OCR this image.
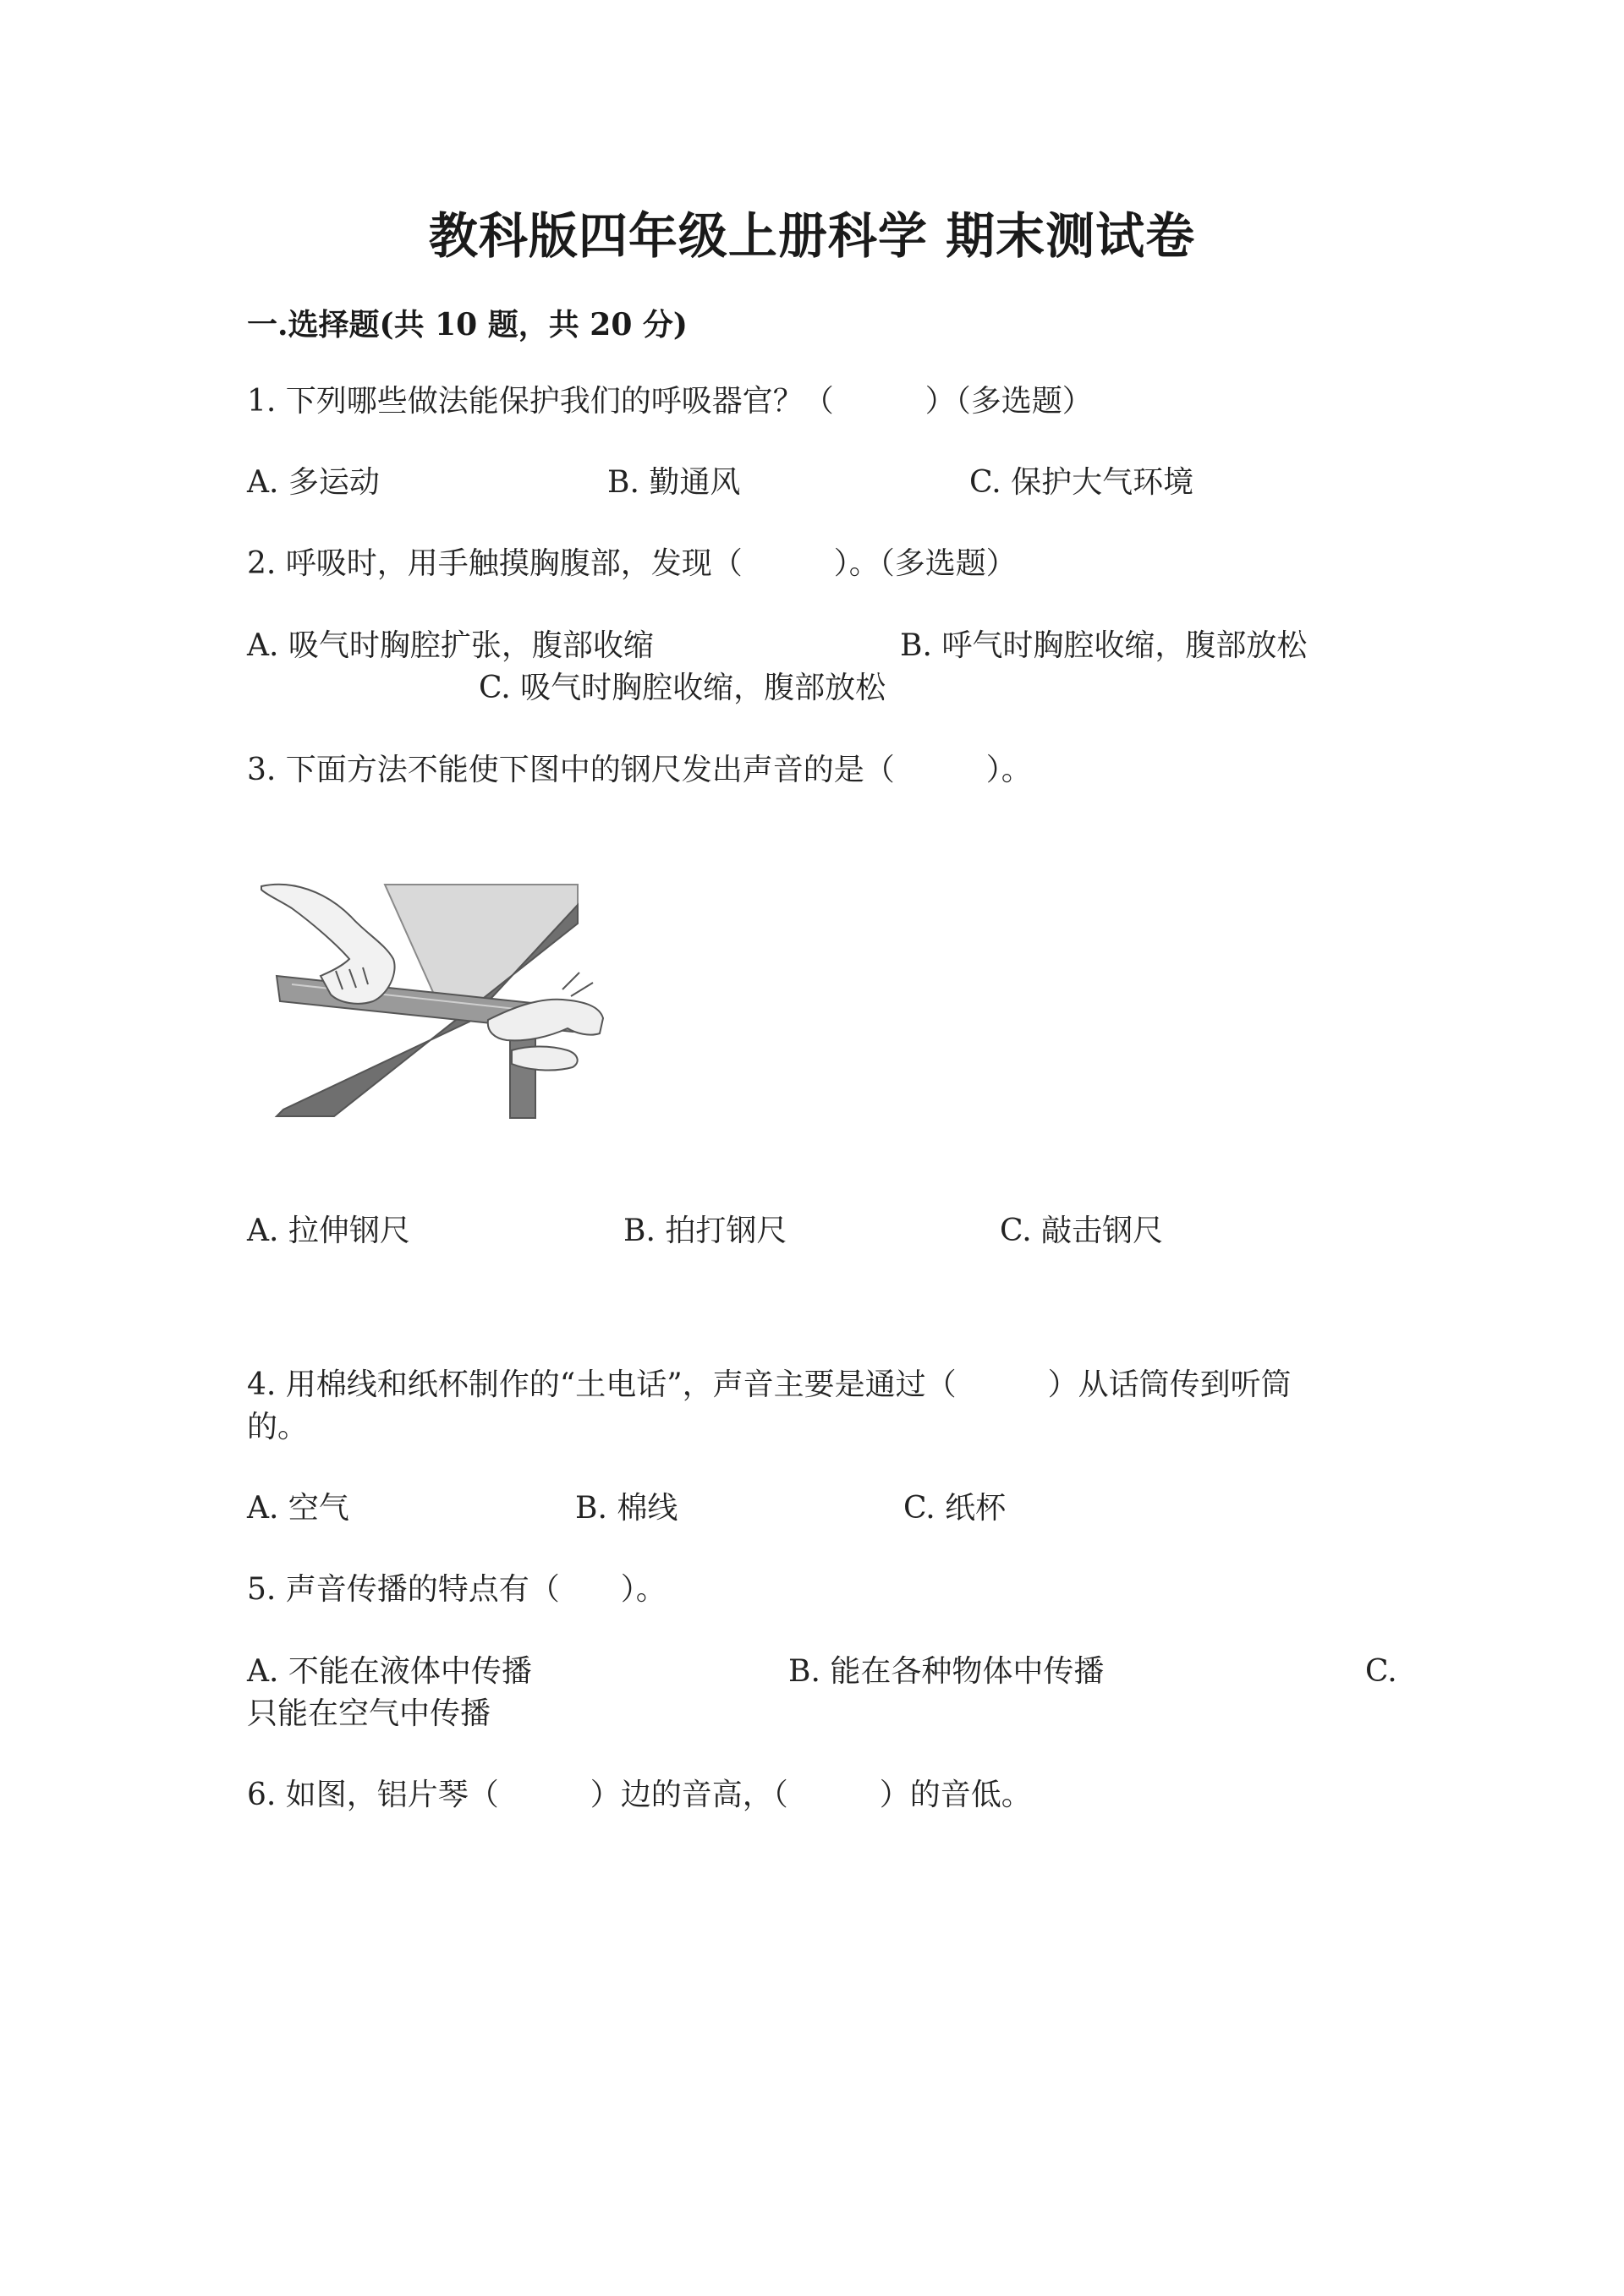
教科版四年级上册科学 期末测试卷
一.选择题(共 10 题，共 20 分)
1. 下列哪些做法能保护我们的呼吸器官？（　　　）（多选题）
A. 多运动	B. 勤通风	C. 保护大气环境
2. 呼吸时，用手触摸胸腹部，发现（　　　）。（多选题）
A. 吸气时胸腔扩张，腹部收缩	B. 呼气时胸腔收缩，腹部放松
C. 吸气时胸腔收缩，腹部放松
3. 下面方法不能使下图中的钢尺发出声音的是（　　　）。
A. 拉伸钢尺	B. 拍打钢尺	C. 敲击钢尺
4. 用棉线和纸杯制作的“土电话”，声音主要是通过（　　　）从话筒传到听筒
的。
A. 空气	B. 棉线	C. 纸杯
5. 声音传播的特点有（　　）。
A. 不能在液体中传播	B. 能在各种物体中传播	C.
只能在空气中传播
6. 如图，铝片琴（　　　）边的音高，（　　　）的音低。
